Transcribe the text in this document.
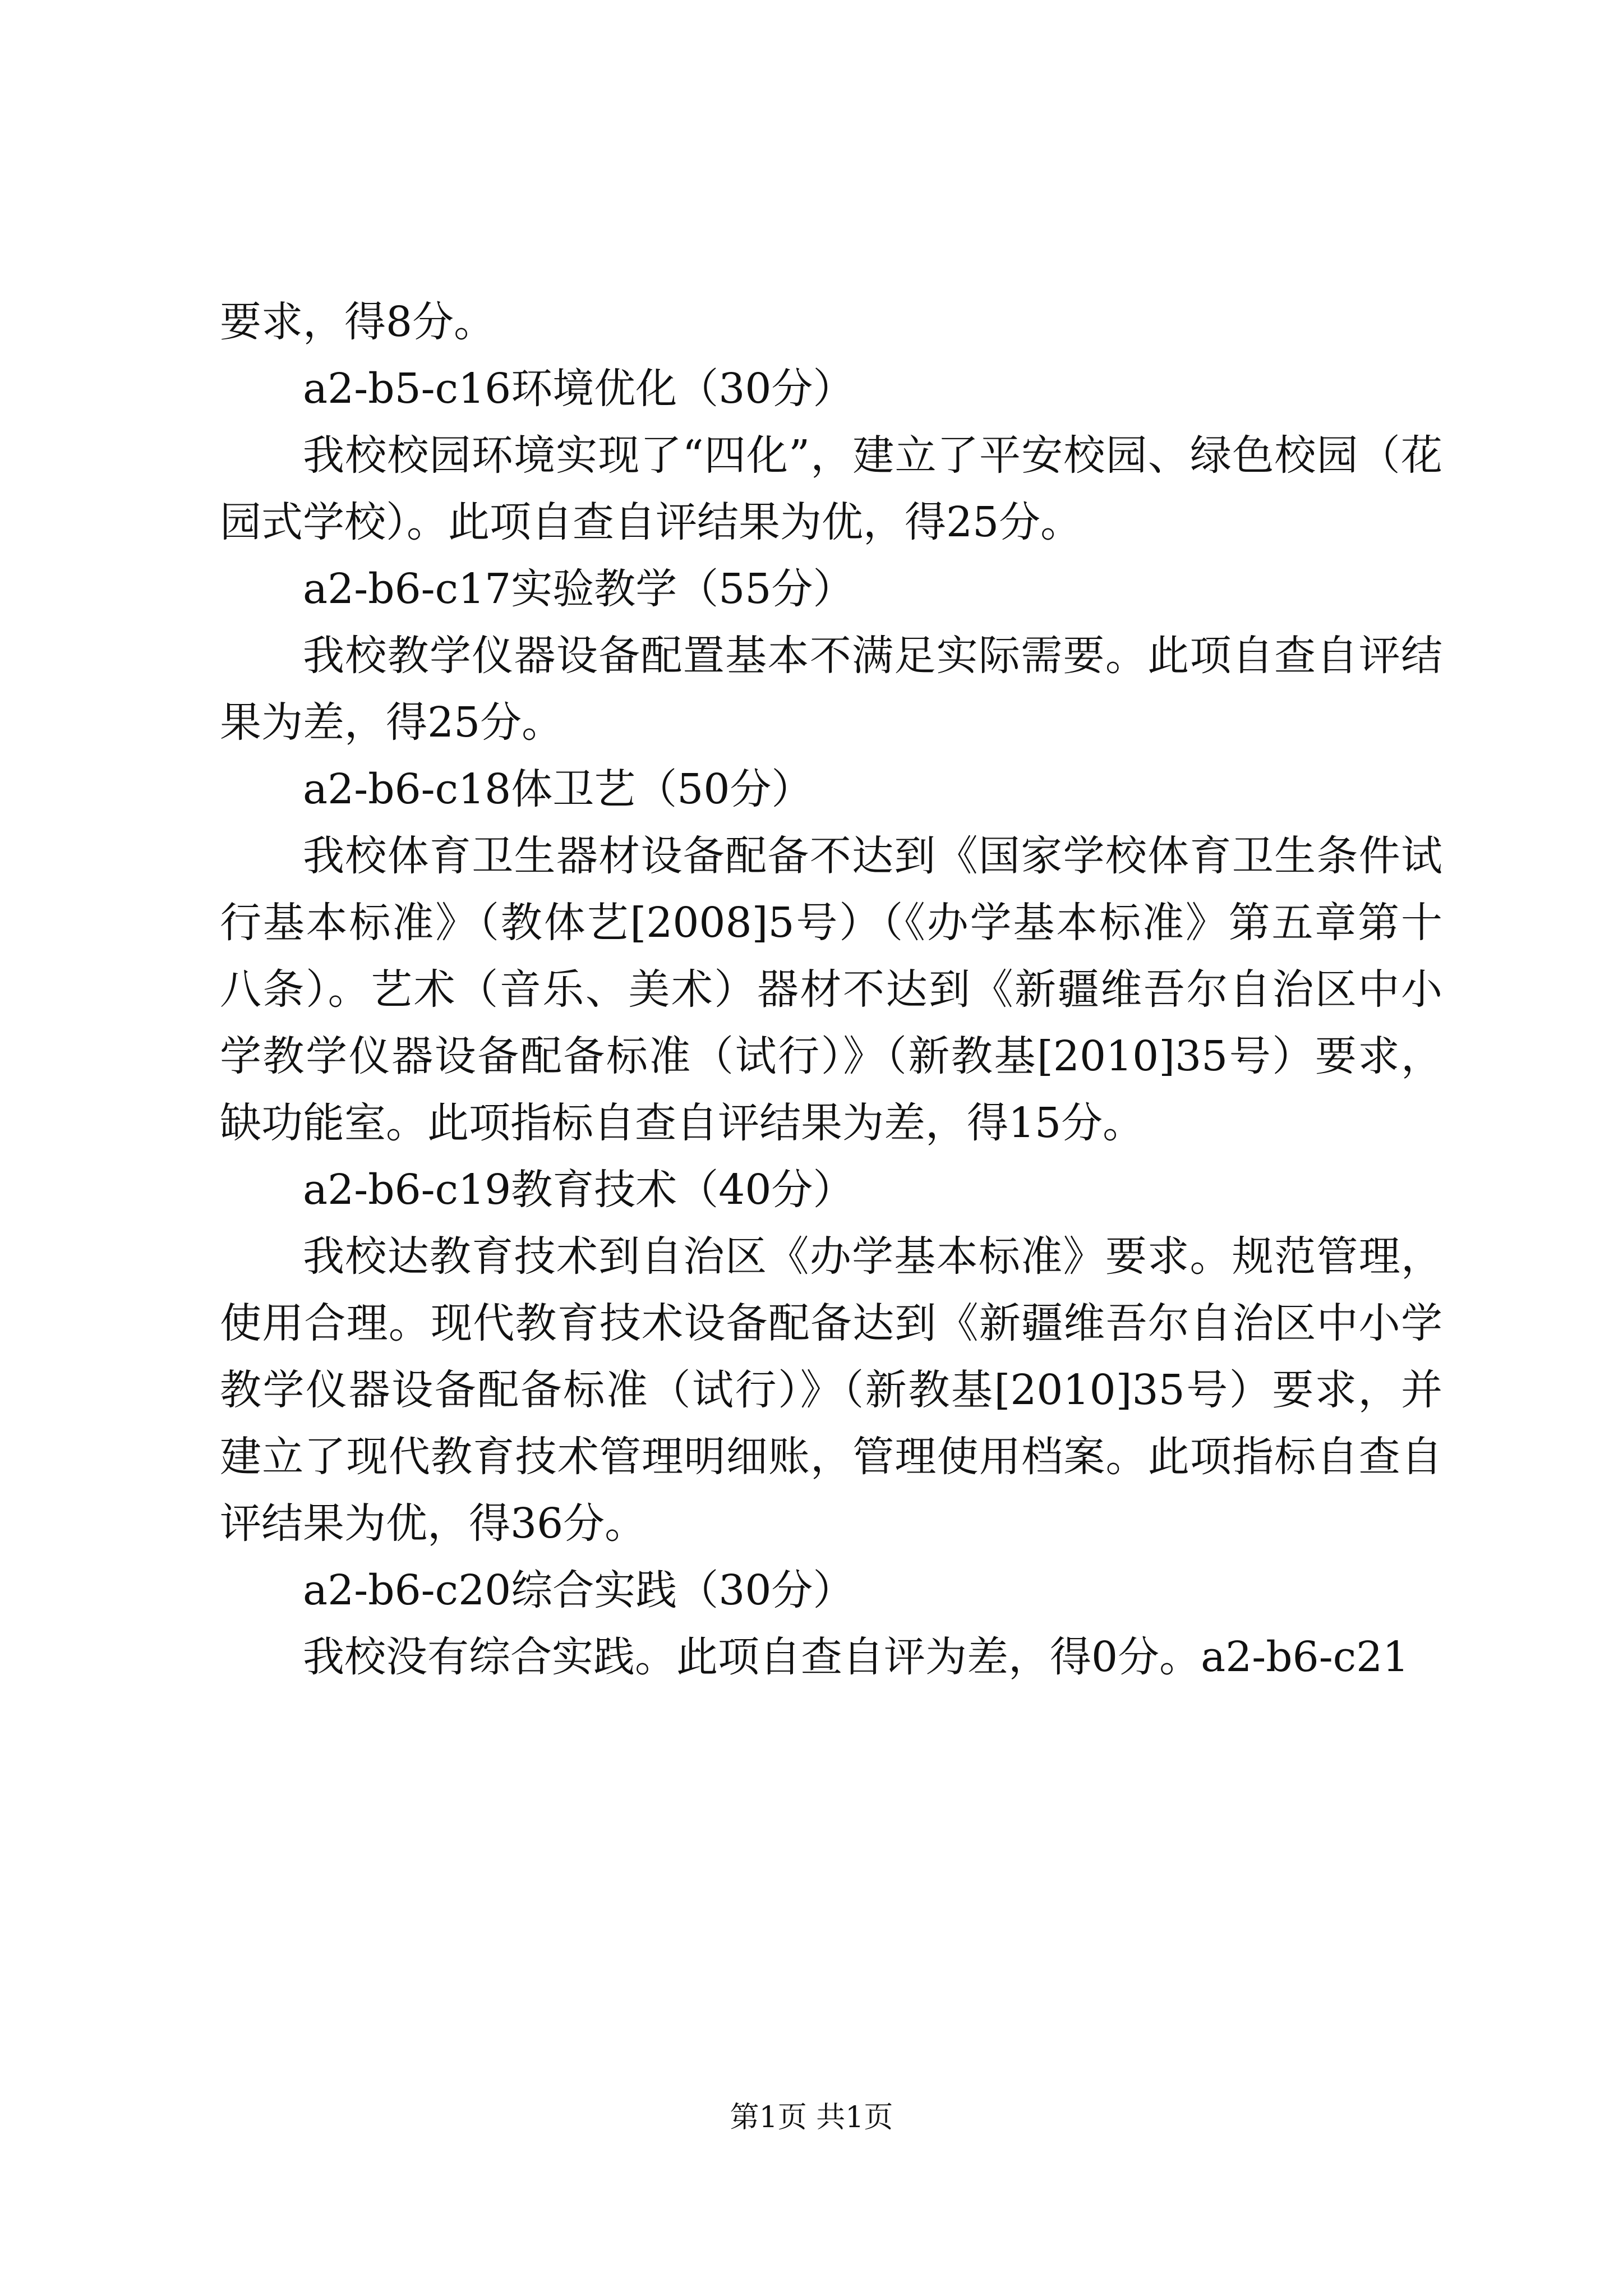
要求，得8分。

a2-b5-c16环境优化（30分）

我校校园环境实现了“四化”，建立了平安校园、绿色校园（花园式学校）。此项自查自评结果为优，得25分。

a2-b6-c17实验教学（55分）

我校教学仪器设备配置基本不满足实际需要。此项自查自评结果为差，得25分。

a2-b6-c18体卫艺（50分）

我校体育卫生器材设备配备不达到《国家学校体育卫生条件试行基本标准》（教体艺[2008]5号）（《办学基本标准》第五章第十八条）。艺术（音乐、美术）器材不达到《新疆维吾尔自治区中小学教学仪器设备配备标准（试行）》（新教基[2010]35号）要求，缺功能室。此项指标自查自评结果为差，得15分。

a2-b6-c19教育技术（40分）

我校达教育技术到自治区《办学基本标准》要求。规范管理，使用合理。现代教育技术设备配备达到《新疆维吾尔自治区中小学教学仪器设备配备标准（试行）》（新教基[2010]35号）要求，并建立了现代教育技术管理明细账，管理使用档案。此项指标自查自评结果为优，得36分。

a2-b6-c20综合实践（30分）

我校没有综合实践。此项自查自评为差，得0分。a2-b6-c21

第1页 共1页
